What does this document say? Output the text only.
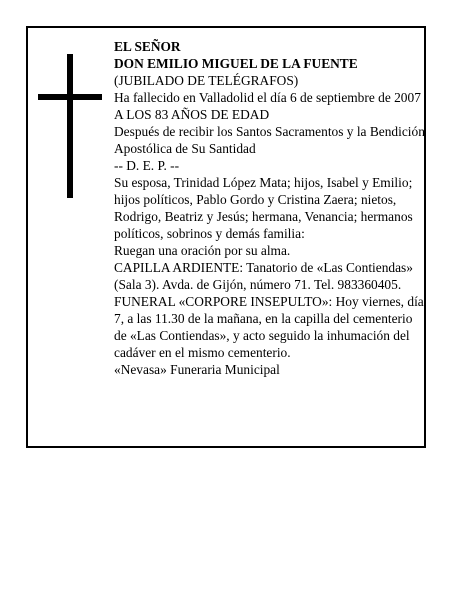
EL SEÑOR
DON EMILIO MIGUEL DE LA FUENTE
(JUBILADO DE TELÉGRAFOS)
Ha fallecido en Valladolid el día 6 de septiembre de 2007
A LOS 83 AÑOS DE EDAD
Después de recibir los Santos Sacramentos y la Bendición Apostólica de Su Santidad
-- D. E. P. --
Su esposa, Trinidad López Mata; hijos, Isabel y Emilio; hijos políticos, Pablo Gordo y Cristina Zaera; nietos, Rodrigo, Beatriz y Jesús; hermana, Venancia; hermanos políticos, sobrinos y demás familia:
Ruegan una oración por su alma.
CAPILLA ARDIENTE: Tanatorio de «Las Contiendas» (Sala 3). Avda. de Gijón, número 71. Tel. 983360405.
FUNERAL «CORPORE INSEPULTO»: Hoy viernes, día 7, a las 11.30 de la mañana, en la capilla del cementerio de «Las Contiendas», y acto seguido la inhumación del cadáver en el mismo cementerio.
«Nevasa» Funeraria Municipal
